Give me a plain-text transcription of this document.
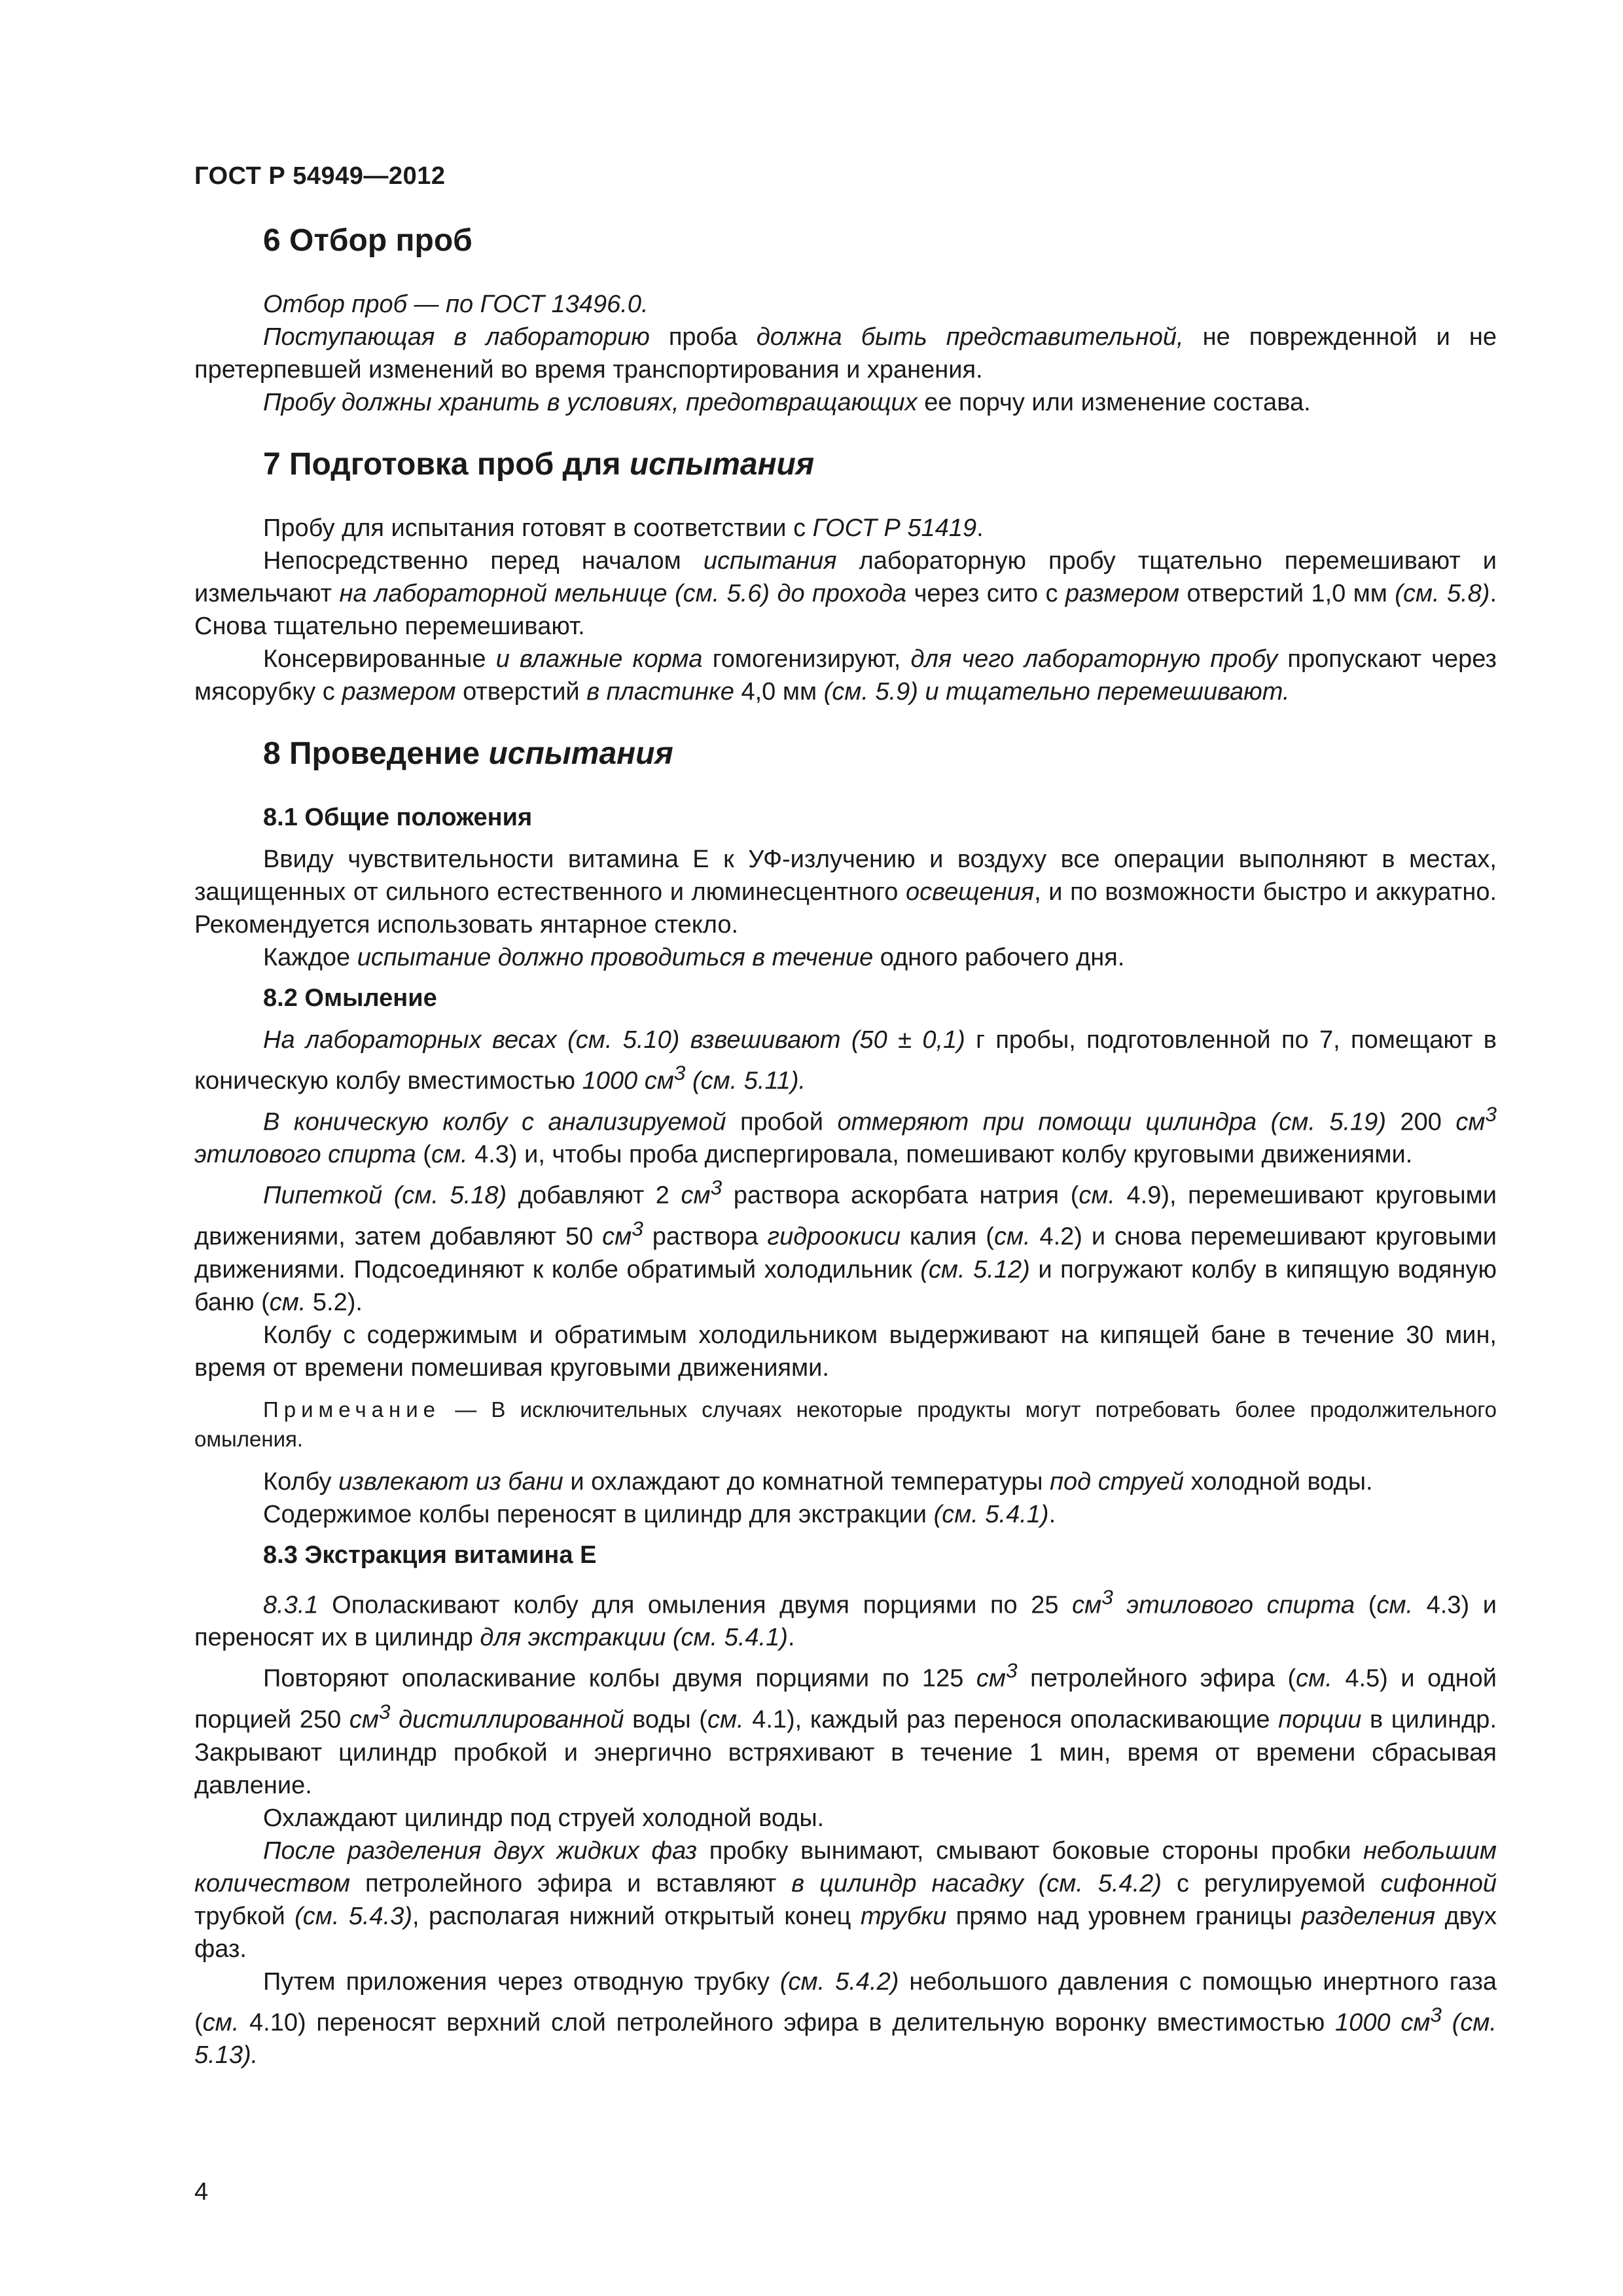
ГОСТ Р 54949—2012
6 Отбор проб

Отбор проб — по ГОСТ 13496.0.

Поступающая в лабораторию проба должна быть представительной, не поврежденной и не претерпевшей изменений во время транспортирования и хранения.

Пробу должны хранить в условиях, предотвращающих ее порчу или изменение состава.

7 Подготовка проб для испытания

Пробу для испытания готовят в соответствии с ГОСТ Р 51419.

Непосредственно перед началом испытания лабораторную пробу тщательно перемешивают и измельчают на лабораторной мельнице (см. 5.6) до прохода через сито с размером отверстий 1,0 мм (см. 5.8). Снова тщательно перемешивают.

Консервированные и влажные корма гомогенизируют, для чего лабораторную пробу пропускают через мясорубку с размером отверстий в пластинке 4,0 мм (см. 5.9) и тщательно перемешивают.

8 Проведение испытания
8.1 Общие положения

Ввиду чувствительности витамина Е к УФ-излучению и воздуху все операции выполняют в местах, защищенных от сильного естественного и люминесцентного освещения, и по возможности быстро и аккуратно. Рекомендуется использовать янтарное стекло.

Каждое испытание должно проводиться в течение одного рабочего дня.

8.2 Омыление

На лабораторных весах (см. 5.10) взвешивают (50 ± 0,1) г пробы, подготовленной по 7, помещают в коническую колбу вместимостью 1000 $см^3$ (см. 5.11).

В коническую колбу с анализируемой пробой отмеряют при помощи цилиндра (см. 5.19) 200 $см^3$ этилового спирта (см. 4.3) и, чтобы проба диспергировала, помешивают колбу круговыми движениями.

Пипеткой (см. 5.18) добавляют 2 $см^3$ раствора аскорбата натрия (см. 4.9), перемешивают круговыми движениями, затем добавляют 50 $см^3$ раствора гидроокиси калия (см. 4.2) и снова перемешивают круговыми движениями. Подсоединяют к колбе обратимый холодильник (см. 5.12) и погружают колбу в кипящую водяную баню (см. 5.2).

Колбу с содержимым и обратимым холодильником выдерживают на кипящей бане в течение 30 мин, время от времени помешивая круговыми движениями.

Примечание — В исключительных случаях некоторые продукты могут потребовать более продолжительного омыления.

Колбу извлекают из бани и охлаждают до комнатной температуры под струей холодной воды.

Содержимое колбы переносят в цилиндр для экстракции (см. 5.4.1).

8.3 Экстракция витамина Е

8.3.1 Ополаскивают колбу для омыления двумя порциями по 25 $см^3$ этилового спирта (см. 4.3) и переносят их в цилиндр для экстракции (см. 5.4.1).

Повторяют ополаскивание колбы двумя порциями по 125 $см^3$ петролейного эфира (см. 4.5) и одной порцией 250 $см^3$ дистиллированной воды (см. 4.1), каждый раз перенося ополаскивающие порции в цилиндр. Закрывают цилиндр пробкой и энергично встряхивают в течение 1 мин, время от времени сбрасывая давление.

Охлаждают цилиндр под струей холодной воды.

После разделения двух жидких фаз пробку вынимают, смывают боковые стороны пробки небольшим количеством петролейного эфира и вставляют в цилиндр насадку (см. 5.4.2) с регулируемой сифонной трубкой (см. 5.4.3), располагая нижний открытый конец трубки прямо над уровнем границы разделения двух фаз.

Путем приложения через отводную трубку (см. 5.4.2) небольшого давления с помощью инертного газа (см. 4.10) переносят верхний слой петролейного эфира в делительную воронку вместимостью 1000 $см^3$ (см. 5.13).

4
